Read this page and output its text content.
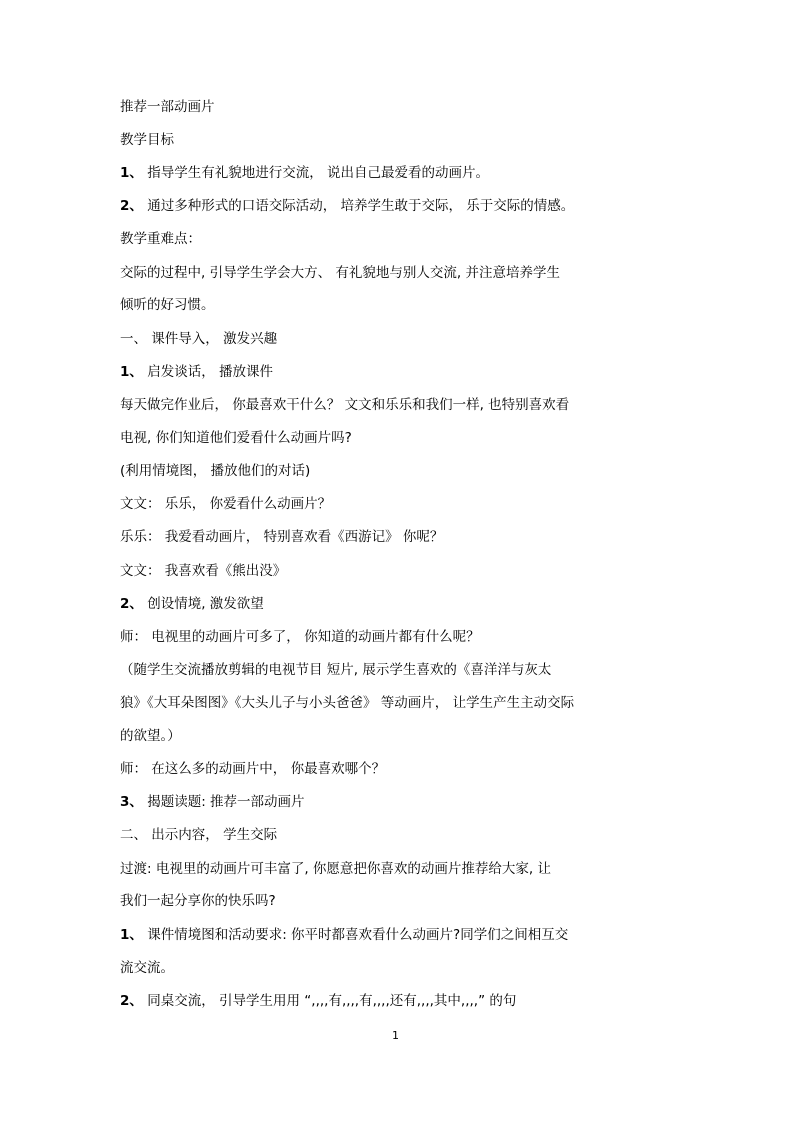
推荐一部动画片
教学目标
1、 指导学生有礼貌地进行交流， 说出自己最爱看的动画片。
2、 通过多种形式的口语交际活动， 培养学生敢于交际， 乐于交际的情感。
教学重难点：
交际的过程中, 引导学生学会大方、 有礼貌地与别人交流, 并注意培养学生
倾听的好习惯。
一、 课件导入， 激发兴趣
1、 启发谈话， 播放课件
每天做完作业后， 你最喜欢干什么？ 文文和乐乐和我们一样, 也特别喜欢看
电视, 你们知道他们爱看什么动画片吗?
(利用情境图， 播放他们的对话)
文文： 乐乐， 你爱看什么动画片？
乐乐： 我爱看动画片， 特别喜欢看《西游记》 你呢？
文文： 我喜欢看《熊出没》
2、 创设情境, 激发欲望
师： 电视里的动画片可多了， 你知道的动画片都有什么呢？
（随学生交流播放剪辑的电视节目 短片, 展示学生喜欢的《喜洋洋与灰太
狼》《大耳朵图图》《大头儿子与小头爸爸》 等动画片， 让学生产生主动交际
的欲望。）
师： 在这么多的动画片中， 你最喜欢哪个？
3、 揭题读题: 推荐一部动画片
二、 出示内容， 学生交际
过渡: 电视里的动画片可丰富了, 你愿意把你喜欢的动画片推荐给大家, 让
我们一起分享你的快乐吗?
1、 课件情境图和活动要求: 你平时都喜欢看什么动画片?同学们之间相互交
流交流。
2、 同桌交流， 引导学生用用 “,,,,有,,,,有,,,,还有,,,,其中,,,,” 的句
1
